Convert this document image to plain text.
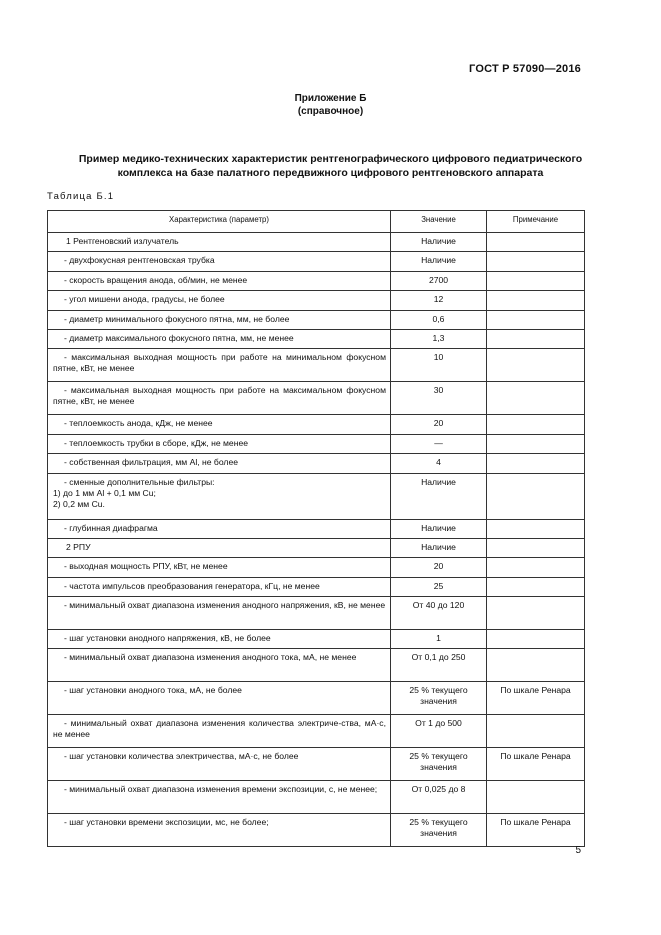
ГОСТ Р 57090—2016
Приложение Б
(справочное)
Пример медико-технических характеристик рентгенографического цифрового педиатрического
комплекса на базе палатного передвижного цифрового рентгеновского аппарата
Таблица Б.1
Характеристика (параметр)	Значение	Примечание
1 Рентгеновский излучатель	Наличие	
- двухфокусная рентгеновская трубка	Наличие	
- скорость вращения анода, об/мин, не менее	2700	
- угол мишени анода, градусы, не более	12	
- диаметр минимального фокусного пятна, мм, не более	0,6	
- диаметр максимального фокусного пятна, мм, не менее	1,3	
- максимальная выходная мощность при работе на минимальном фокусном пятне, кВт, не менее	10	
- максимальная выходная мощность при работе на максимальном фокусном пятне, кВт, не менее	30	
- теплоемкость анода, кДж, не менее	20	
- теплоемкость трубки в сборе, кДж, не менее	—	
- собственная фильтрация, мм Al, не более	4	

- сменные дополнительные фильтры:
1) до 1 мм Al + 0,1 мм Cu;
2) 0,2 мм Cu.	Наличие	
- глубинная диафрагма	Наличие	
2 РПУ	Наличие	
- выходная мощность РПУ, кВт, не менее	20	
- частота импульсов преобразования генератора, кГц, не менее	25	
- минимальный охват диапазона изменения анодного напряжения, кВ, не менее	От 40 до 120	
- шаг установки анодного напряжения, кВ, не более	1	
- минимальный охват диапазона изменения анодного тока, мА, не менее	От 0,1 до 250	
- шаг установки анодного тока, мА, не более	25 % текущего значения	По шкале Ренара
- минимальный охват диапазона изменения количества электриче-ства, мА·с, не менее	От 1 до 500	
- шаг установки количества электричества, мА·с, не более	25 % текущего значения	По шкале Ренара
- минимальный охват диапазона изменения времени экспозиции, с, не менее;	От 0,025 до 8	
- шаг установки времени экспозиции, мс, не более;	25 % текущего значения	По шкале Ренара
5
